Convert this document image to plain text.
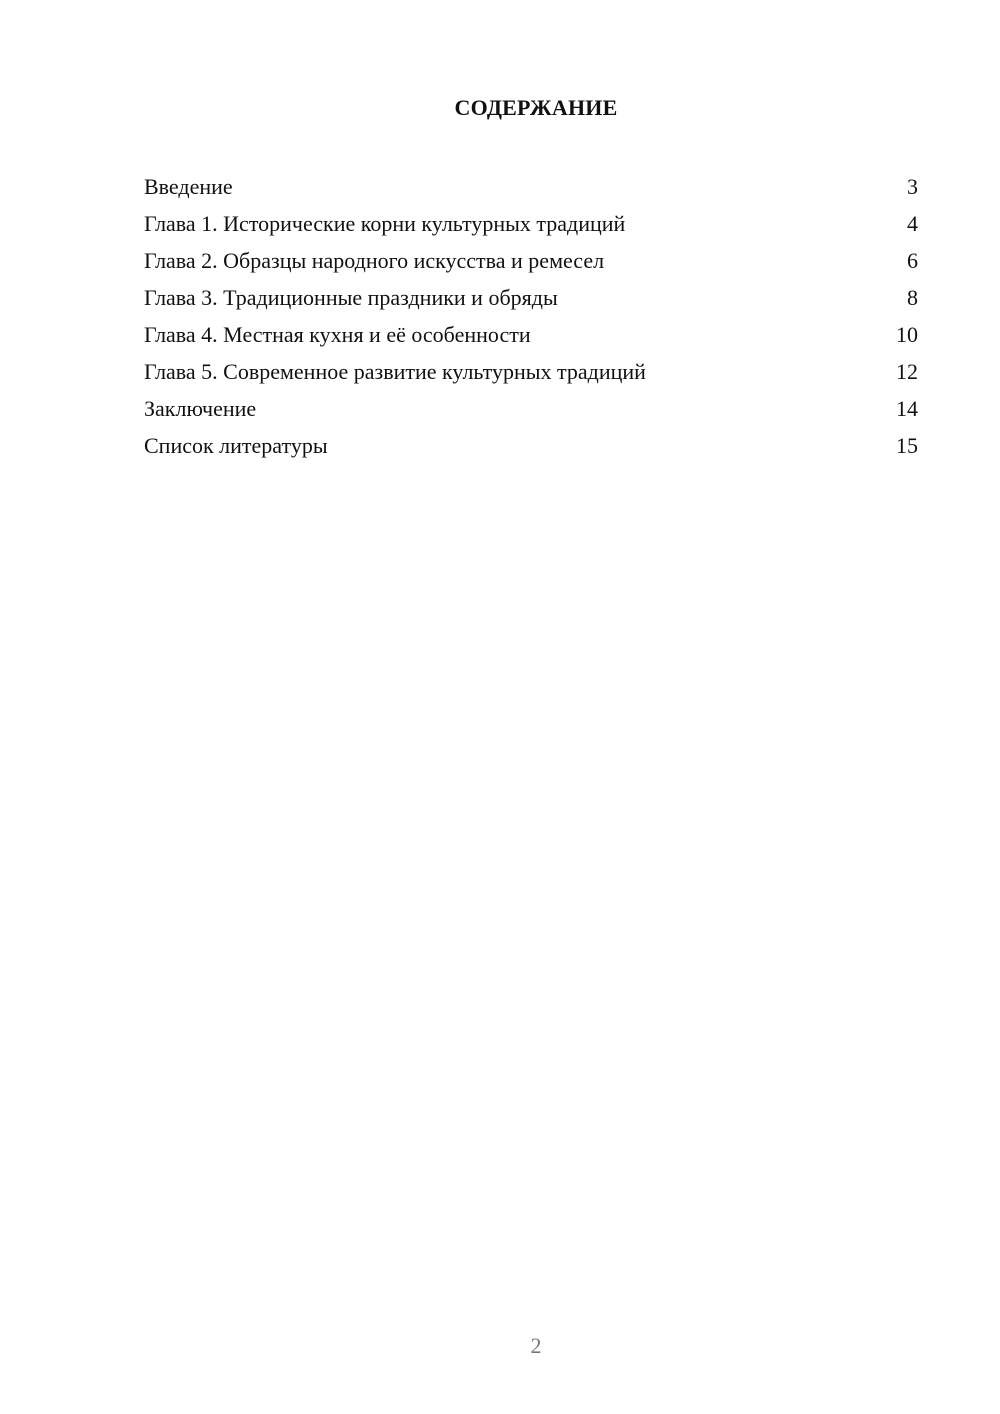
СОДЕРЖАНИЕ
Введение	3
Глава 1. Исторические корни культурных традиций	4
Глава 2. Образцы народного искусства и ремесел	6
Глава 3. Традиционные праздники и обряды	8
Глава 4. Местная кухня и её особенности	10
Глава 5. Современное развитие культурных традиций	12
Заключение	14
Список литературы	15
2
